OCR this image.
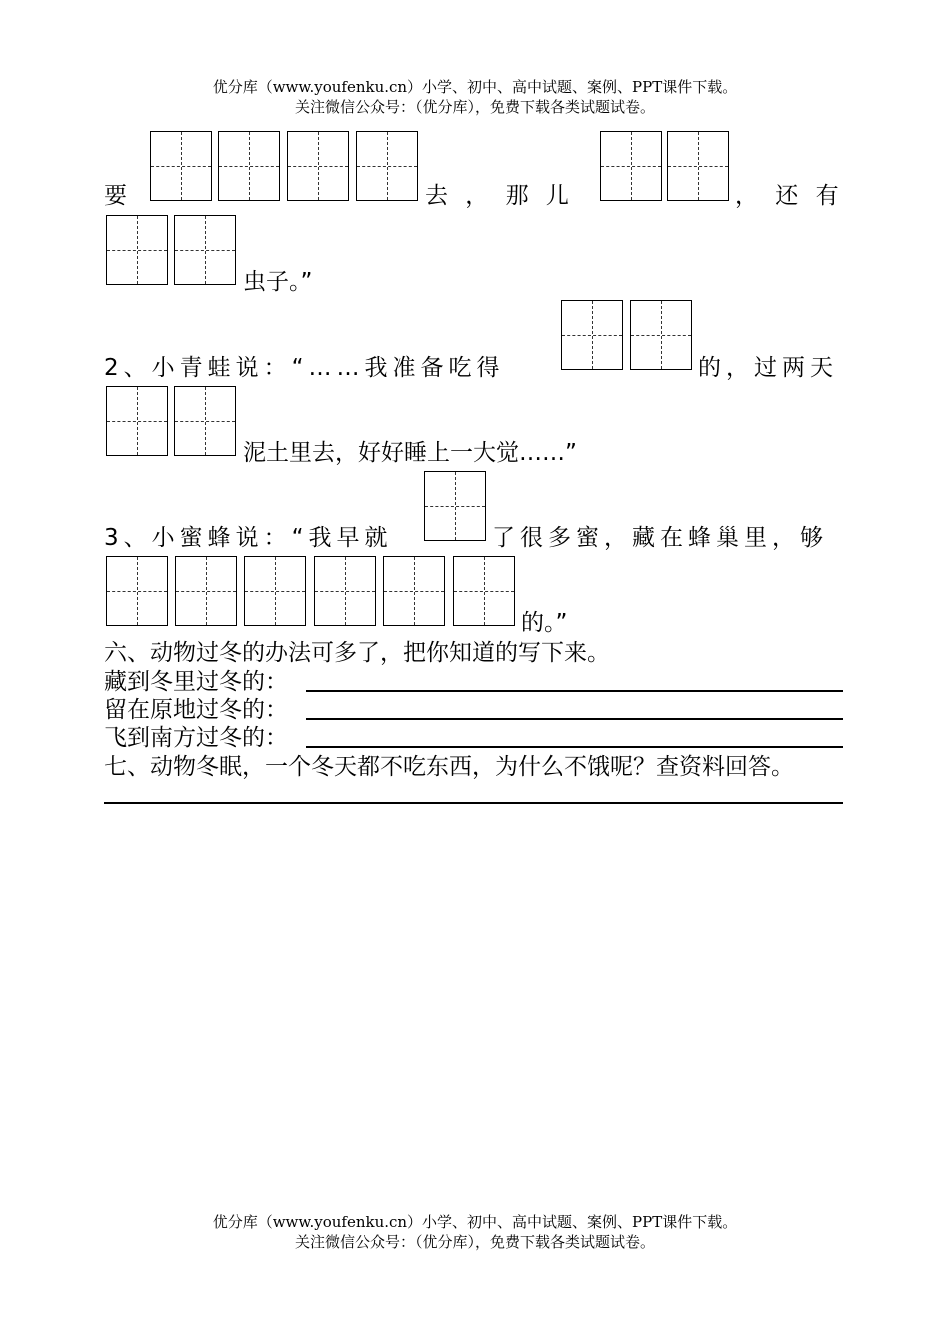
优分库（www.youfenku.cn）小学、初中、高中试题、案例、PPT课件下载。
关注微信公众号：（优分库），免费下载各类试题试卷。
要	去 ， 那 儿	， 还 有
虫子。”
2、小青蛙说：“……我准备吃得	的，过两天
泥土里去，好好睡上一大觉……”
3、小蜜蜂说：“我早就	了很多蜜，藏在蜂巢里，够
的。”
六、动物过冬的办法可多了，把你知道的写下来。
藏到冬里过冬的：
留在原地过冬的：
飞到南方过冬的：
七、动物冬眠，一个冬天都不吃东西，为什么不饿呢？查资料回答。
优分库（www.youfenku.cn）小学、初中、高中试题、案例、PPT课件下载。
关注微信公众号：（优分库），免费下载各类试题试卷。
